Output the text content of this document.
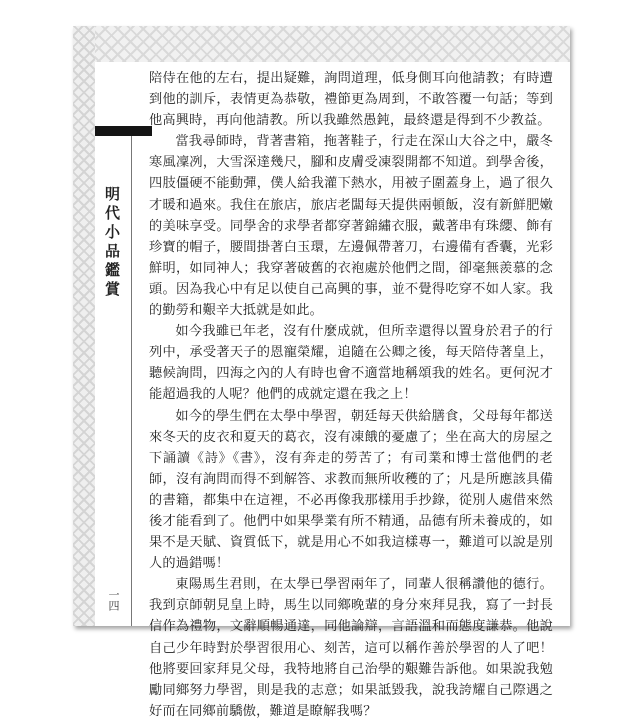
明代小品鑑賞
一四

陪侍在他的左右，提出疑難，詢問道理，低身側耳向他請教；有時遭到他的訓斥，表情更為恭敬，禮節更為周到，不敢答覆一句話；等到他高興時，再向他請教。所以我雖然愚鈍，最終還是得到不少教益。

當我尋師時，背著書箱，拖著鞋子，行走在深山大谷之中，嚴冬寒風凜冽，大雪深達幾尺，腳和皮膚受凍裂開都不知道。到學舍後，四肢僵硬不能動彈，僕人給我灌下熱水，用被子圍蓋身上，過了很久才暖和過來。我住在旅店，旅店老闆每天提供兩頓飯，沒有新鮮肥嫩的美味享受。同學舍的求學者都穿著錦繡衣服，戴著串有珠纓、飾有珍寶的帽子，腰間掛著白玉環，左邊佩帶著刀，右邊備有香囊，光彩鮮明，如同神人；我穿著破舊的衣袍處於他們之間，卻毫無羨慕的念頭。因為我心中有足以使自己高興的事，並不覺得吃穿不如人家。我的勤勞和艱辛大抵就是如此。

如今我雖已年老，沒有什麼成就，但所幸還得以置身於君子的行列中，承受著天子的恩寵榮耀，追隨在公卿之後，每天陪侍著皇上，聽候詢問，四海之內的人有時也會不適當地稱頌我的姓名。更何況才能超過我的人呢？他們的成就定還在我之上！

如今的學生們在太學中學習，朝廷每天供給膳食，父母每年都送來冬天的皮衣和夏天的葛衣，沒有凍餓的憂慮了；坐在高大的房屋之下誦讀《詩》《書》，沒有奔走的勞苦了；有司業和博士當他們的老師，沒有詢問而得不到解答、求教而無所收穫的了；凡是所應該具備的書籍，都集中在這裡，不必再像我那樣用手抄錄，從別人處借來然後才能看到了。他們中如果學業有所不精通，品德有所未養成的，如果不是天賦、資質低下，就是用心不如我這樣專一，難道可以說是別人的過錯嗎！

東陽馬生君則，在太學已學習兩年了，同輩人很稱讚他的德行。我到京師朝見皇上時，馬生以同鄉晚輩的身分來拜見我，寫了一封長信作為禮物，文辭順暢通達，同他論辯，言語溫和而態度謙恭。他說自己少年時對於學習很用心、刻苦，這可以稱作善於學習的人了吧！他將要回家拜見父母，我特地將自己治學的艱難告訴他。如果說我勉勵同鄉努力學習，則是我的志意；如果詆毀我，說我誇耀自己際遇之好而在同鄉前驕傲，難道是瞭解我嗎？
